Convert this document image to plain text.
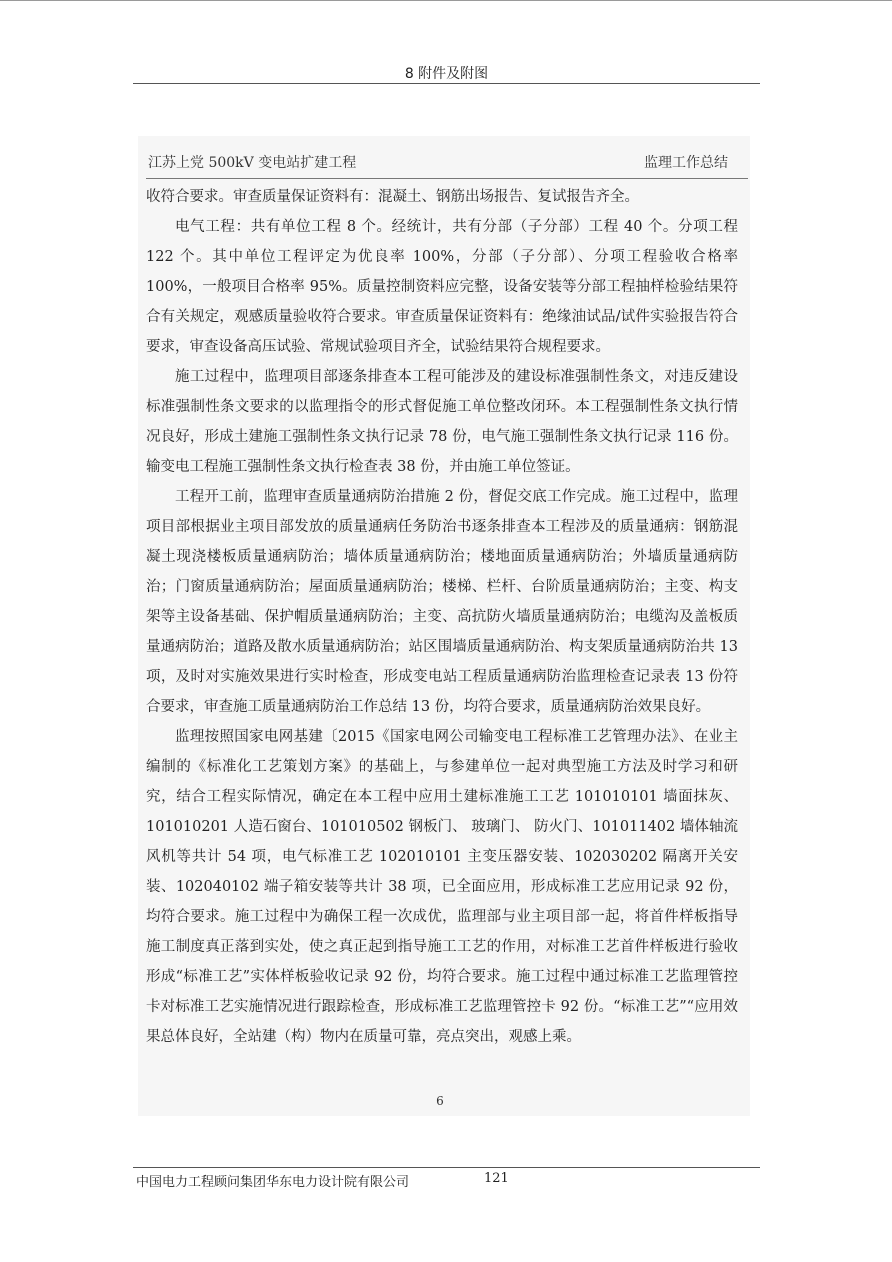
8 附件及附图
江苏上党 500kV 变电站扩建工程	监理工作总结

收符合要求。审查质量保证资料有：混凝土、钢筋出场报告、复试报告齐全。

电气工程：共有单位工程 8 个。经统计，共有分部（子分部）工程 40 个。分项工程 122 个。其中单位工程评定为优良率 100%，分部（子分部）、分项工程验收合格率 100%，一般项目合格率 95%。质量控制资料应完整，设备安装等分部工程抽样检验结果符合有关规定，观感质量验收符合要求。审查质量保证资料有：绝缘油试品/试件实验报告符合要求，审查设备高压试验、常规试验项目齐全，试验结果符合规程要求。

施工过程中，监理项目部逐条排查本工程可能涉及的建设标准强制性条文，对违反建设标准强制性条文要求的以监理指令的形式督促施工单位整改闭环。本工程强制性条文执行情况良好，形成土建施工强制性条文执行记录 78 份，电气施工强制性条文执行记录 116 份。输变电工程施工强制性条文执行检查表 38 份，并由施工单位签证。

工程开工前，监理审查质量通病防治措施 2 份，督促交底工作完成。施工过程中，监理项目部根据业主项目部发放的质量通病任务防治书逐条排查本工程涉及的质量通病：钢筋混凝土现浇楼板质量通病防治；墙体质量通病防治；楼地面质量通病防治；外墙质量通病防治；门窗质量通病防治；屋面质量通病防治；楼梯、栏杆、台阶质量通病防治；主变、构支架等主设备基础、保护帽质量通病防治；主变、高抗防火墙质量通病防治；电缆沟及盖板质量通病防治；道路及散水质量通病防治；站区围墙质量通病防治、构支架质量通病防治共 13 项，及时对实施效果进行实时检查，形成变电站工程质量通病防治监理检查记录表 13 份符合要求，审查施工质量通病防治工作总结 13 份，均符合要求，质量通病防治效果良好。

监理按照国家电网基建〔2015《国家电网公司输变电工程标准工艺管理办法》、在业主编制的《标准化工艺策划方案》的基础上，与参建单位一起对典型施工方法及时学习和研究，结合工程实际情况，确定在本工程中应用土建标准施工工艺 101010101 墙面抹灰、101010201 人造石窗台、101010502 钢板门、 玻璃门、 防火门、101011402 墙体轴流风机等共计 54 项，电气标准工艺 102010101 主变压器安装、102030202 隔离开关安装、102040102 端子箱安装等共计 38 项，已全面应用，形成标准工艺应用记录 92 份，均符合要求。施工过程中为确保工程一次成优，监理部与业主项目部一起，将首件样板指导施工制度真正落到实处，使之真正起到指导施工工艺的作用，对标准工艺首件样板进行验收形成“标准工艺”实体样板验收记录 92 份，均符合要求。施工过程中通过标准工艺监理管控卡对标准工艺实施情况进行跟踪检查，形成标准工艺监理管控卡 92 份。“标准工艺”“应用效果总体良好，全站建（构）物内在质量可靠，亮点突出，观感上乘。

6
中国电力工程顾问集团华东电力设计院有限公司	121
